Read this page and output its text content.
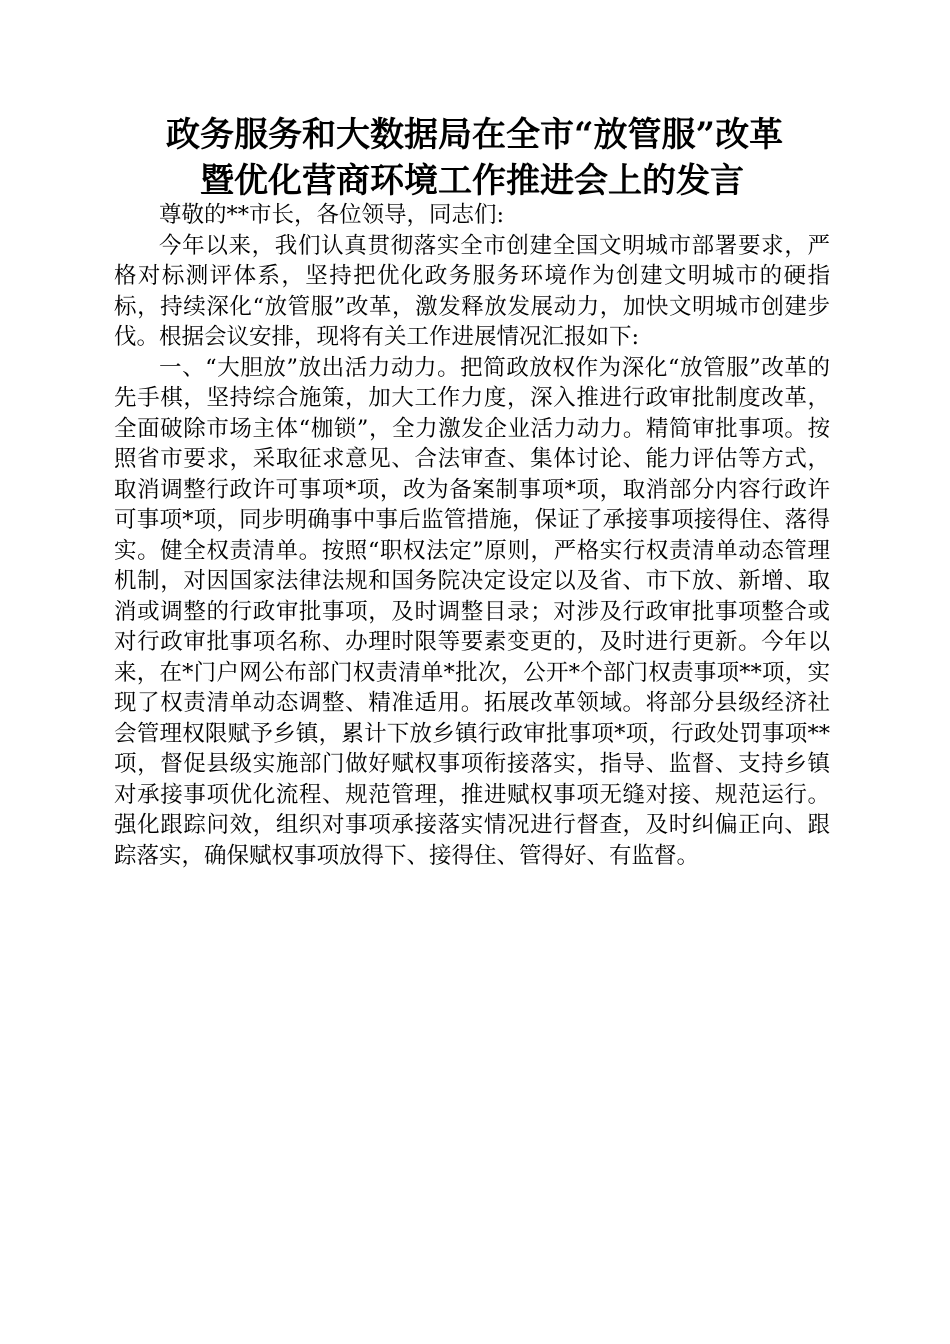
政务服务和大数据局在全市“放管服”改革
暨优化营商环境工作推进会上的发言

尊敬的**市长，各位领导，同志们:

今年以来，我们认真贯彻落实全市创建全国文明城市部署要求，严格对标测评体系，坚持把优化政务服务环境作为创建文明城市的硬指标，持续深化“放管服”改革，激发释放发展动力，加快文明城市创建步伐。根据会议安排，现将有关工作进展情况汇报如下:

一、“大胆放”放出活力动力。把简政放权作为深化“放管服”改革的先手棋，坚持综合施策，加大工作力度，深入推进行政审批制度改革，全面破除市场主体“枷锁”，全力激发企业活力动力。精简审批事项。按照省市要求，采取征求意见、合法审查、集体讨论、能力评估等方式，取消调整行政许可事项*项，改为备案制事项*项，取消部分内容行政许可事项*项，同步明确事中事后监管措施，保证了承接事项接得住、落得实。健全权责清单。按照“职权法定”原则，严格实行权责清单动态管理机制，对因国家法律法规和国务院决定设定以及省、市下放、新增、取消或调整的行政审批事项，及时调整目录；对涉及行政审批事项整合或对行政审批事项名称、办理时限等要素变更的，及时进行更新。今年以来，在*门户网公布部门权责清单*批次，公开*个部门权责事项**项，实现了权责清单动态调整、精准适用。拓展改革领域。将部分县级经济社会管理权限赋予乡镇，累计下放乡镇行政审批事项*项，行政处罚事项**项，督促县级实施部门做好赋权事项衔接落实，指导、监督、支持乡镇对承接事项优化流程、规范管理，推进赋权事项无缝对接、规范运行。强化跟踪问效，组织对事项承接落实情况进行督查，及时纠偏正向、跟踪落实，确保赋权事项放得下、接得住、管得好、有监督。
